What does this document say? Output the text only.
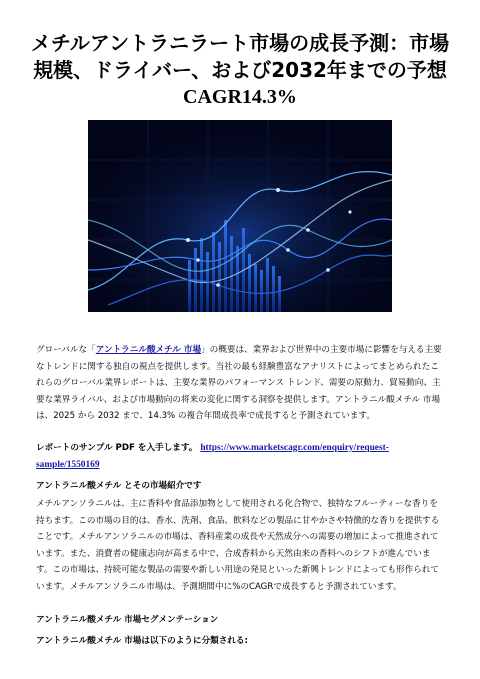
メチルアントラニラート市場の成長予測：市場
規模、ドライバー、および2032年までの予想
CAGR14.3%

グローバルな「アントラニル酸メチル 市場」の概要は、業界および世界中の主要市場に影響を与える主要なトレンドに関する独自の視点を提供します。当社の最も経験豊富なアナリストによってまとめられたこれらのグローバル業界レポートは、主要な業界のパフォーマンス トレンド、需要の原動力、貿易動向、主要な業界ライバル、および市場動向の将来の変化に関する洞察を提供します。アントラニル酸メチル 市場は、2025 から 2032 まで、14.3% の複合年間成長率で成長すると予測されています。

レポートのサンプル PDF を入手します。 https://www.marketscagr.com/enquiry/request-sample/1550169

アントラニル酸メチル とその市場紹介です

メチルアンソラニルは、主に香料や食品添加物として使用される化合物で、独特なフルーティーな香りを持ちます。この市場の目的は、香水、洗剤、食品、飲料などの製品に甘やかさや特徴的な香りを提供することです。メチルアンソラニルの市場は、香料産業の成長や天然成分への需要の増加によって推進されています。また、消費者の健康志向が高まる中で、合成香料から天然由来の香料へのシフトが進んでいます。この市場は、持続可能な製品の需要や新しい用途の発見といった新興トレンドによっても形作られています。メチルアンソラニル市場は、予測期間中に%のCAGRで成長すると予測されています。

アントラニル酸メチル 市場セグメンテーション

アントラニル酸メチル 市場は以下のように分類される:
